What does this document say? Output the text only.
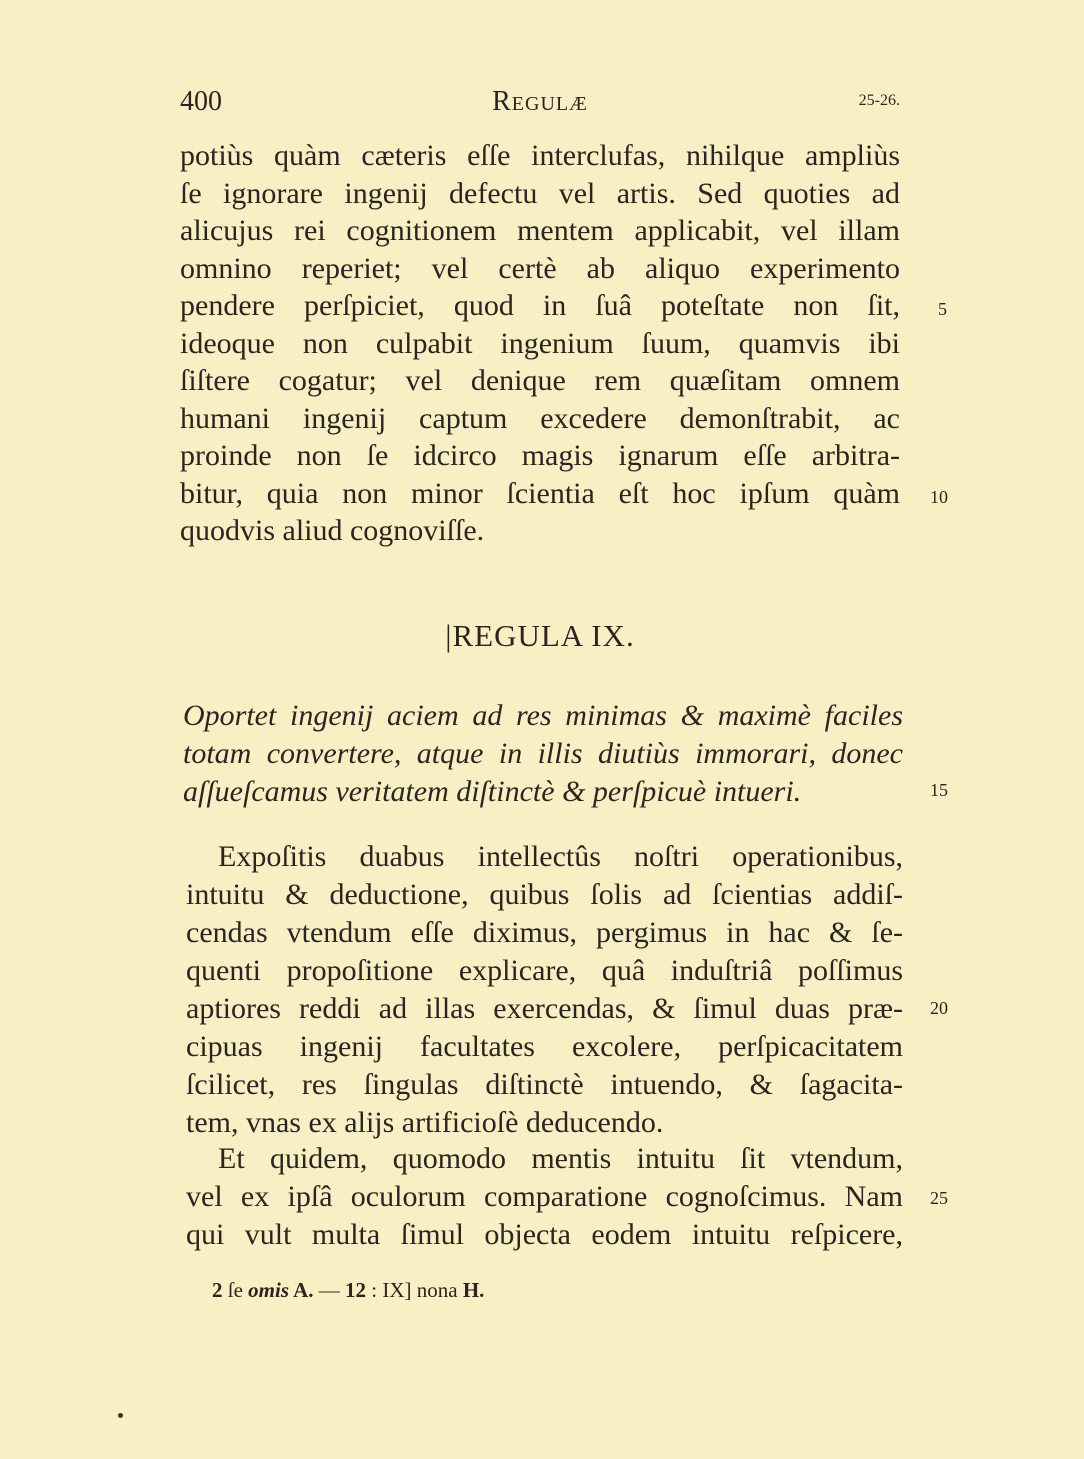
400	Regulæ	25-26.
potiùs quàm cæteris eſſe interclufas, nihilque ampliùs
ſe ignorare ingenij defectu vel artis. Sed quoties ad
alicujus rei cognitionem mentem applicabit, vel illam
omnino reperiet; vel certè ab aliquo experimento
pendere perſpiciet, quod in ſuâ poteſtate non ſit,
ideoque non culpabit ingenium ſuum, quamvis ibi
ſiſtere cogatur; vel denique rem quæſitam omnem
humani ingenij captum excedere demonſtrabit, ac
proinde non ſe idcirco magis ignarum eſſe arbitra-
bitur, quia non minor ſcientia eſt hoc ipſum quàm
quodvis aliud cognoviſſe.
|REGULA IX.
Oportet ingenij aciem ad res minimas & maximè faciles
totam convertere, atque in illis diutiùs immorari, donec
aſſueſcamus veritatem diſtinctè & perſpicuè intueri.
Expoſitis duabus intellectûs noſtri operationibus,
intuitu & deductione, quibus ſolis ad ſcientias addiſ-
cendas vtendum eſſe diximus, pergimus in hac & ſe-
quenti propoſitione explicare, quâ induſtriâ poſſimus
aptiores reddi ad illas exercendas, & ſimul duas præ-
cipuas ingenij facultates excolere, perſpicacitatem
ſcilicet, res ſingulas diſtinctè intuendo, & ſagacita-
tem, vnas ex alijs artificioſè deducendo.
Et quidem, quomodo mentis intuitu ſit vtendum,
vel ex ipſâ oculorum comparatione cognoſcimus. Nam
qui vult multa ſimul objecta eodem intuitu reſpicere,
5
10
15
20
25
2 ſe omis A. — 12 : IX] nona H.
